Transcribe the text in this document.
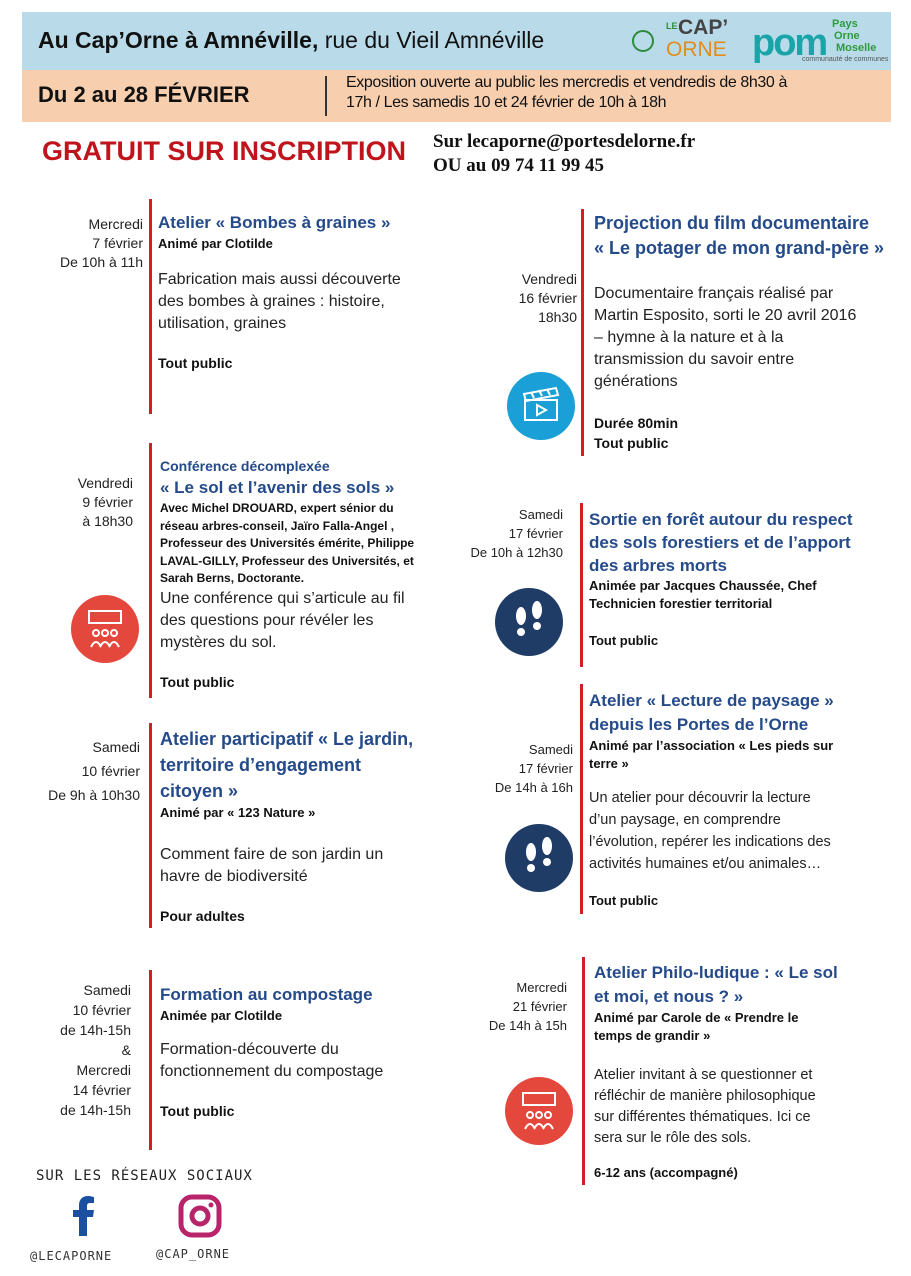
Au Cap’Orne à Amnéville, rue du Vieil Amnéville
LE CAP’
ORNE pom Pays
Orne
Moselle
communauté de communes
Du 2 au 28 FÉVRIER	Exposition ouverte au public les mercredis et vendredis de 8h30 à
17h / Les samedis 10 et 24 février de 10h à 18h
GRATUIT SUR INSCRIPTION Sur lecaporne@portesdelorne.fr
OU au 09 74 11 99 45
Mercredi
7 février
De 10h à 11h
Atelier « Bombes à graines »
Animé par Clotilde
Fabrication mais aussi découverte
des bombes à graines : histoire,
utilisation, graines
Tout public
Vendredi
9 février
à 18h30
Conférence décomplexée
« Le sol et l’avenir des sols »
Avec Michel DROUARD, expert sénior du
réseau arbres-conseil, Jaïro Falla-Angel ,
Professeur des Universités émérite, Philippe
LAVAL-GILLY, Professeur des Universités, et
Sarah Berns, Doctorante.
Une conférence qui s’articule au fil
des questions pour révéler les
mystères du sol.
Tout public
Samedi
10 février
De 9h à 10h30
Atelier participatif « Le jardin,
territoire d’engagement
citoyen »
Animé par « 123 Nature »
Comment faire de son jardin un
havre de biodiversité
Pour adultes
Samedi
10 février
de 14h-15h
&
Mercredi
14 février
de 14h-15h
Formation au compostage
Animée par Clotilde
Formation-découverte du
fonctionnement du compostage
Tout public
Vendredi
16 février
18h30
Projection du film documentaire
« Le potager de mon grand-père »
Documentaire français réalisé par
Martin Esposito, sorti le 20 avril 2016
– hymne à la nature et à la
transmission du savoir entre
générations
Durée 80min
Tout public
Samedi
17 février
De 10h à 12h30
Sortie en forêt autour du respect
des sols forestiers et de l’apport
des arbres morts
Animée par Jacques Chaussée, Chef
Technicien forestier territorial
Tout public
Samedi
17 février
De 14h à 16h
Atelier « Lecture de paysage »
depuis les Portes de l’Orne
Animé par l’association « Les pieds sur
terre »
Un atelier pour découvrir la lecture
d’un paysage, en comprendre
l’évolution, repérer les indications des
activités humaines et/ou animales…
Tout public
Mercredi
21 février
De 14h à 15h
Atelier Philo-ludique : « Le sol
et moi, et nous ? »
Animé par Carole de « Prendre le
temps de grandir »
Atelier invitant à se questionner et
réfléchir de manière philosophique
sur différentes thématiques. Ici ce
sera sur le rôle des sols.
6-12 ans (accompagné)
SUR LES RÉSEAUX SOCIAUX
@LECAPORNE	@CAP_ORNE
